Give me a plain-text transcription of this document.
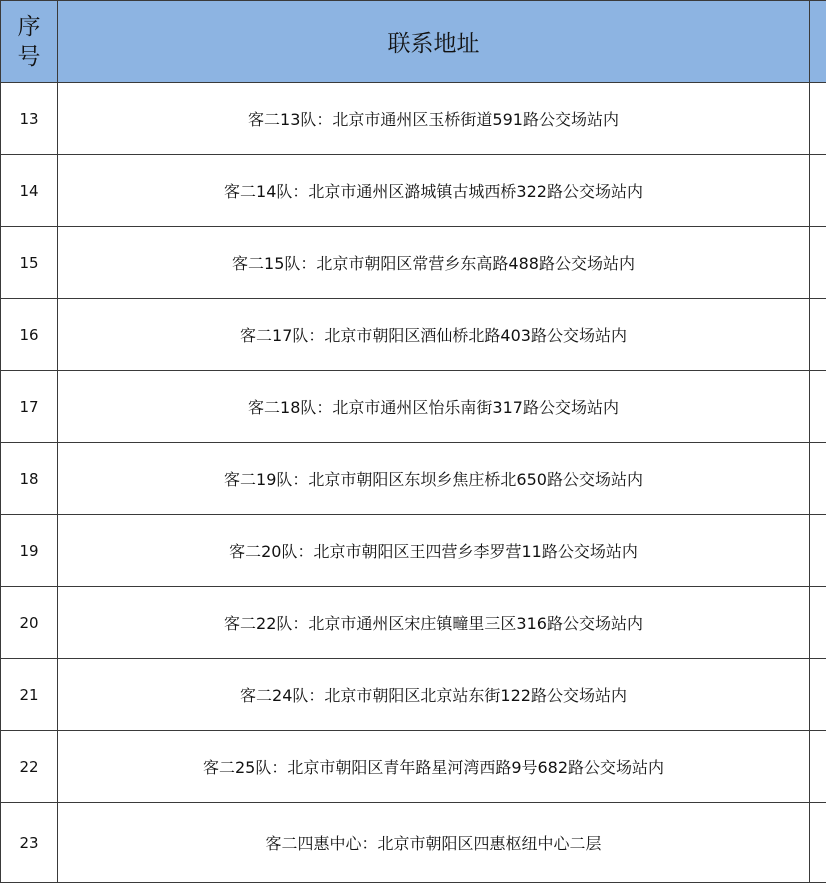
序
号	联系地址	
13	客二13队：北京市通州区玉桥街道591路公交场站内	
14	客二14队：北京市通州区潞城镇古城西桥322路公交场站内	
15	客二15队：北京市朝阳区常营乡东高路488路公交场站内	
16	客二17队：北京市朝阳区酒仙桥北路403路公交场站内	
17	客二18队：北京市通州区怡乐南街317路公交场站内	
18	客二19队：北京市朝阳区东坝乡焦庄桥北650路公交场站内	
19	客二20队：北京市朝阳区王四营乡李罗营11路公交场站内	
20	客二22队：北京市通州区宋庄镇疃里三区316路公交场站内	
21	客二24队：北京市朝阳区北京站东街122路公交场站内	
22	客二25队：北京市朝阳区青年路星河湾西路9号682路公交场站内	
23	客二四惠中心：北京市朝阳区四惠枢纽中心二层	
